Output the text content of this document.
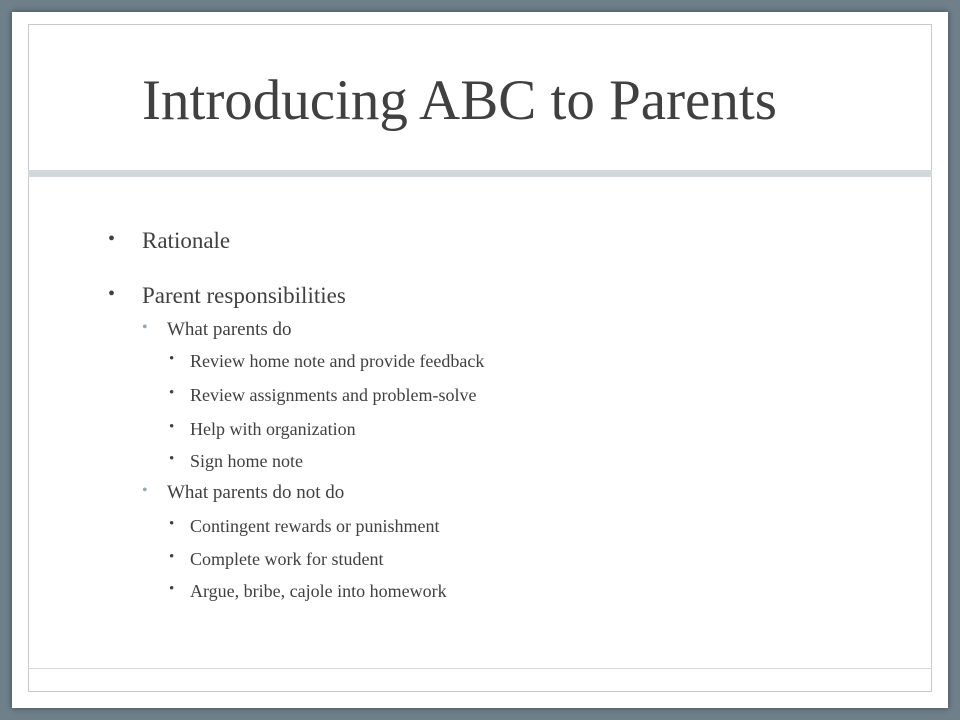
Introducing ABC to Parents
• Rationale
• Parent responsibilities
• What parents do
• Review home note and provide feedback
• Review assignments and problem-solve
• Help with organization
• Sign home note
• What parents do not do
• Contingent rewards or punishment
• Complete work for student
• Argue, bribe, cajole into homework
